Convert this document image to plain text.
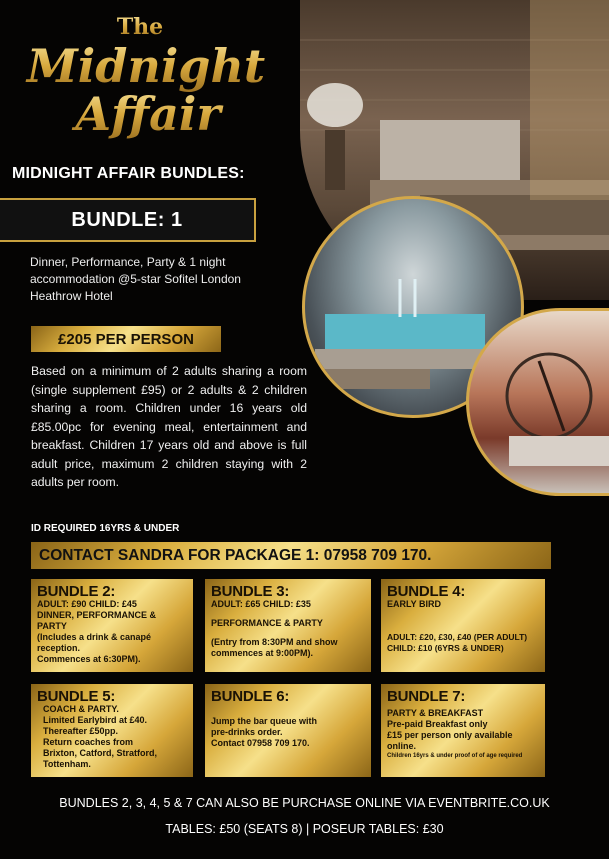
The
Midnight
Affair
MIDNIGHT AFFAIR BUNDLES:
BUNDLE: 1
Dinner, Performance, Party & 1 night accommodation @5-star Sofitel London Heathrow Hotel
£205 PER PERSON
Based on a minimum of 2 adults sharing a room (single supplement £95) or 2 adults & 2 children sharing a room. Children under 16 years old £85.00pc for evening meal, entertainment and breakfast. Children 17 years old and above is full adult price, maximum 2 children staying with 2 adults per room.
ID REQUIRED 16YRS & UNDER
CONTACT SANDRA FOR PACKAGE 1: 07958 709 170.
BUNDLE 2:
ADULT: £90 CHILD: £45
DINNER, PERFORMANCE &
PARTY
(Includes a drink & canapé
reception.
Commences at 6:30PM).
BUNDLE 3:
ADULT: £65 CHILD: £35
PERFORMANCE & PARTY
(Entry from 8:30PM and show
commences at 9:00PM).
BUNDLE 4:
EARLY BIRD
ADULT: £20, £30, £40 (PER ADULT)
CHILD: £10 (6YRS & UNDER)
BUNDLE 5:
COACH & PARTY.
Limited Earlybird at £40.
Thereafter £50pp.
Return coaches from
Brixton, Catford, Stratford,
Tottenham.
BUNDLE 6:
Jump the bar queue with
pre-drinks order.
Contact 07958 709 170.
BUNDLE 7:
PARTY & BREAKFAST
Pre-paid Breakfast only
£15 per person only available
online.
Children 16yrs & under proof of of age required
BUNDLES 2, 3, 4, 5 & 7 CAN ALSO BE PURCHASE ONLINE VIA EVENTBRITE.CO.UK
TABLES: £50 (SEATS 8) | POSEUR TABLES: £30
